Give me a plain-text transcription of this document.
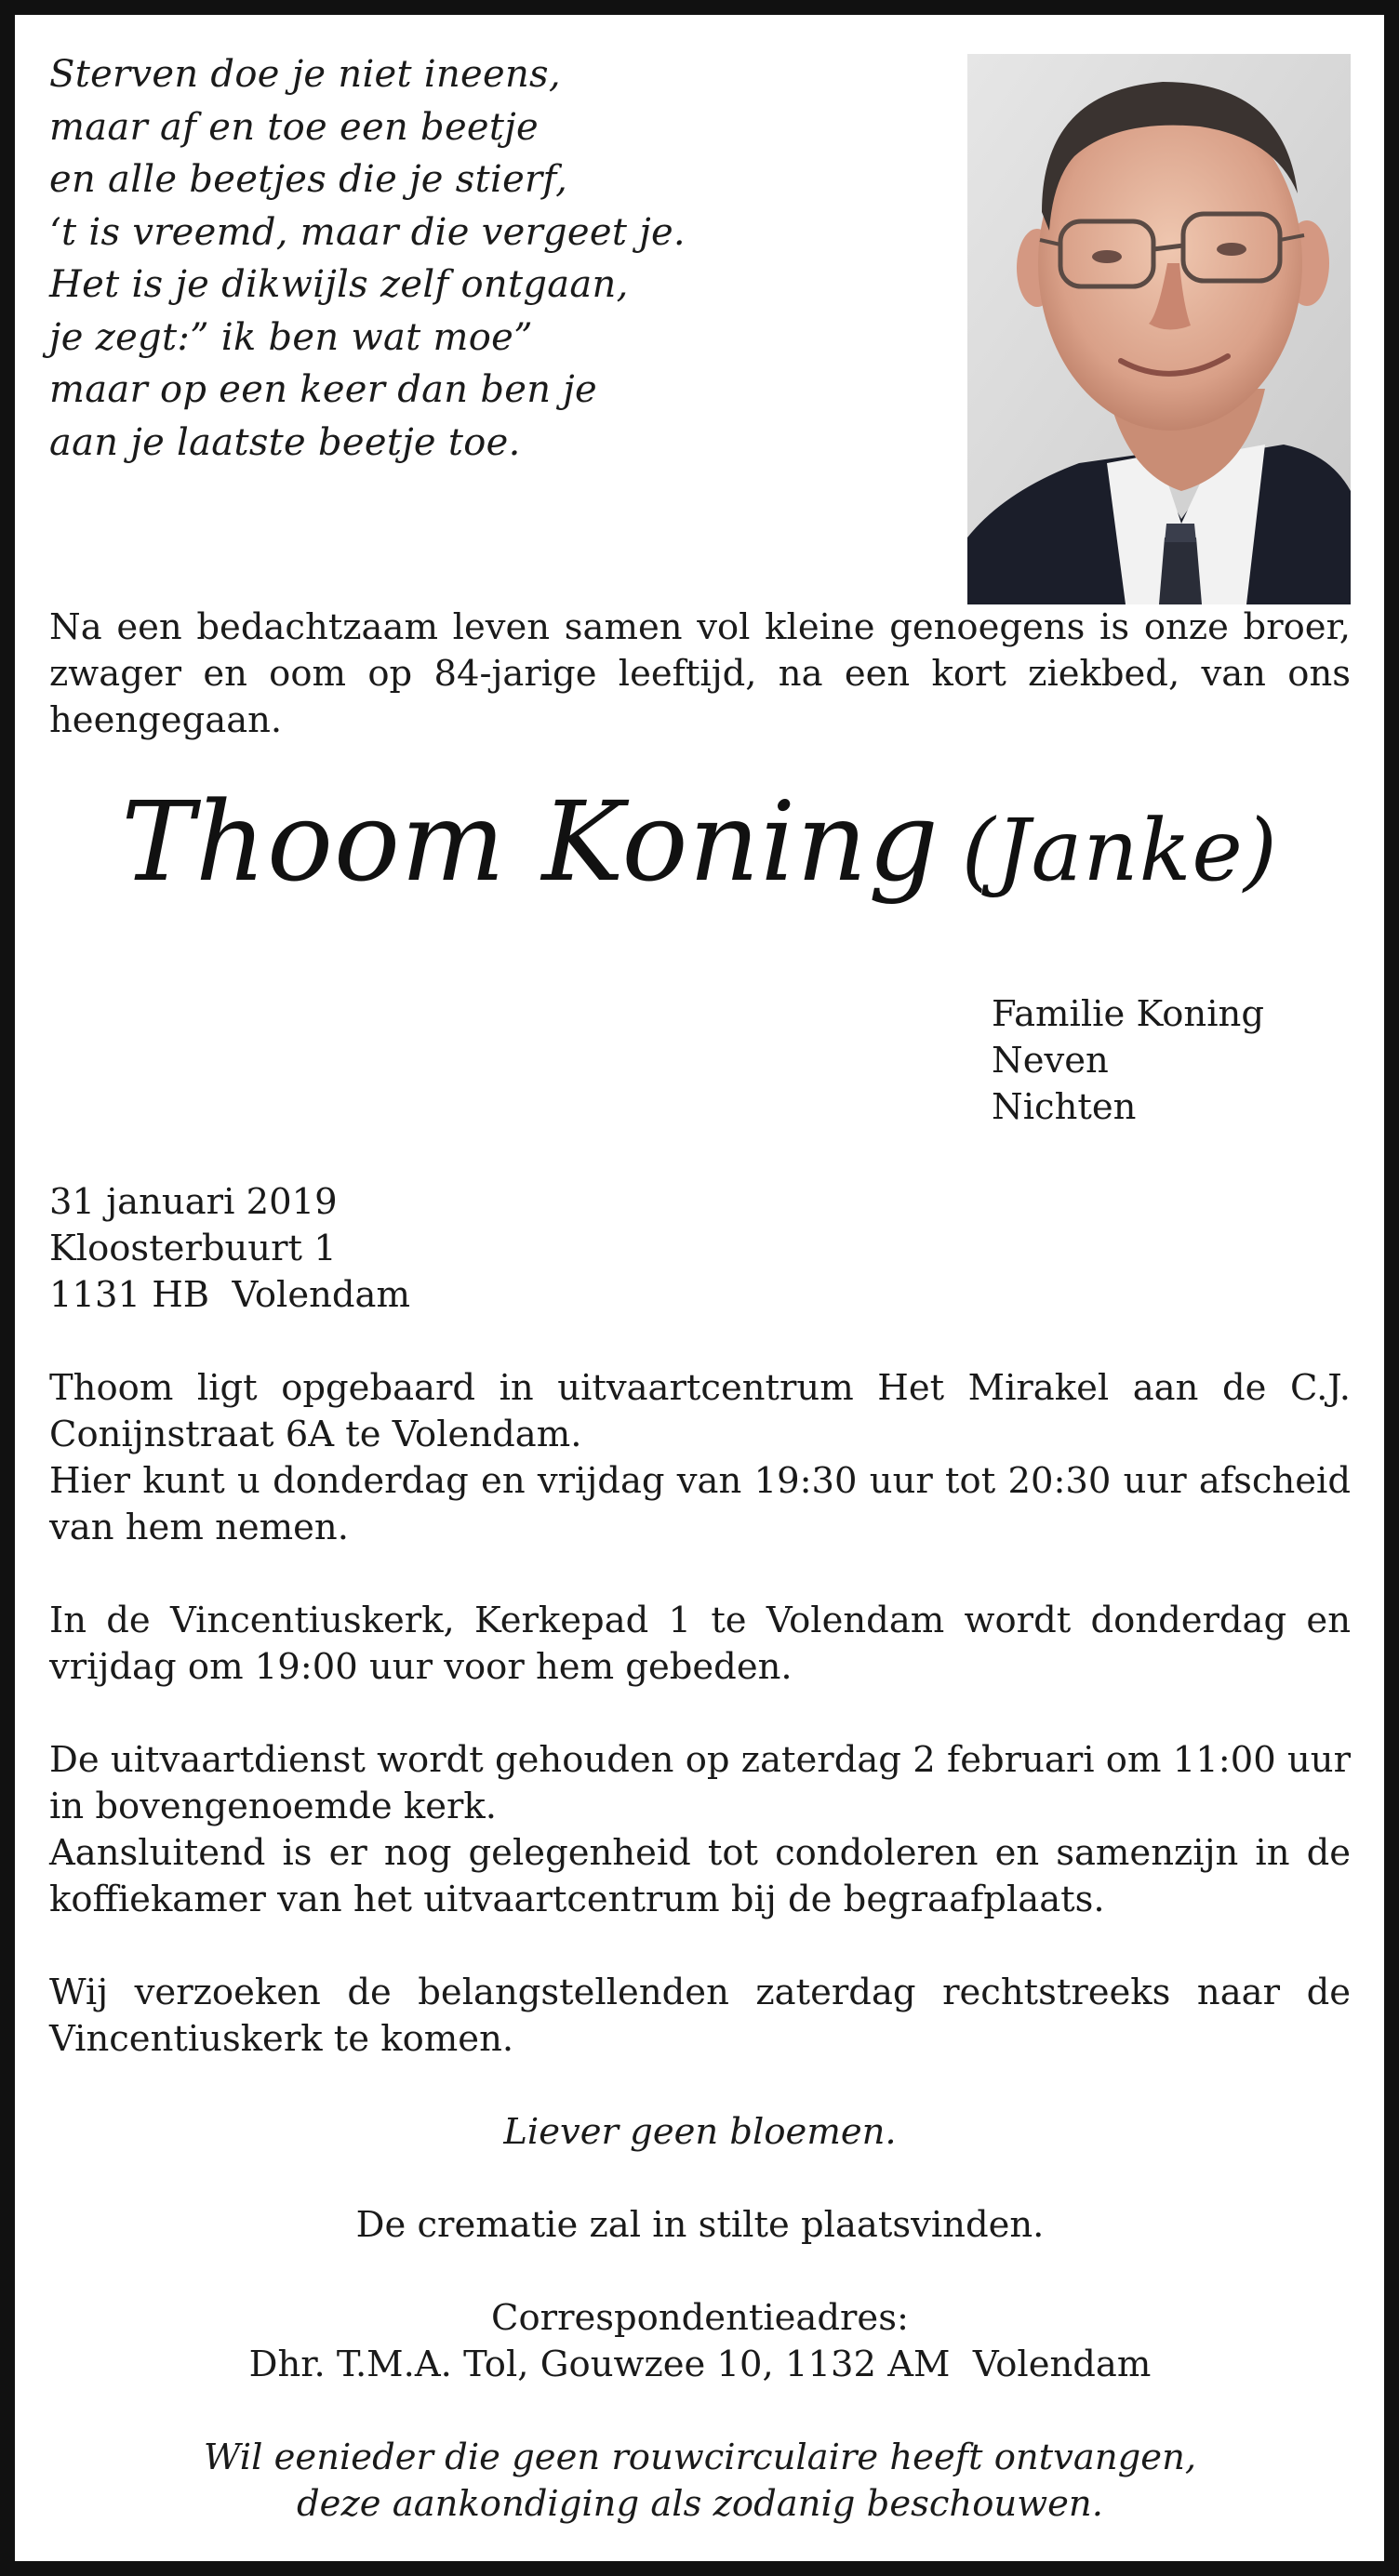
Sterven doe je niet ineens,
maar af en toe een beetje
en alle beetjes die je stierf,
‘t is vreemd, maar die vergeet je.
Het is je dikwijls zelf ontgaan,
je zegt:” ik ben wat moe”
maar op een keer dan ben je
aan je laatste beetje toe.
Na een bedachtzaam leven samen vol kleine genoegens is onze broer, zwager en oom op 84-jarige leeftijd, na een kort ziekbed, van ons heengegaan.
Thoom Koning (Janke)
Familie Koning
Neven
Nichten
31 januari 2019
Kloosterbuurt 1
1131 HB  Volendam
Thoom ligt opgebaard in uitvaartcentrum Het Mirakel aan de C.J. Conijnstraat 6A te Volendam.
Hier kunt u donderdag en vrijdag van 19:30 uur tot 20:30 uur afscheid van hem nemen.
In de Vincentiuskerk, Kerkepad 1 te Volendam wordt donderdag en vrijdag om 19:00 uur voor hem gebeden.
De uitvaartdienst wordt gehouden op zaterdag 2 februari om 11:00 uur in bovengenoemde kerk.
Aansluitend is er nog gelegenheid tot condoleren en samenzijn in de koffiekamer van het uitvaartcentrum bij de begraafplaats.
Wij verzoeken de belangstellenden zaterdag rechtstreeks naar de Vincentiuskerk te komen.
Liever geen bloemen.
De crematie zal in stilte plaatsvinden.
Correspondentieadres:
Dhr. T.M.A. Tol, Gouwzee 10, 1132 AM  Volendam
Wil eenieder die geen rouwcirculaire heeft ontvangen,
deze aankondiging als zodanig beschouwen.
